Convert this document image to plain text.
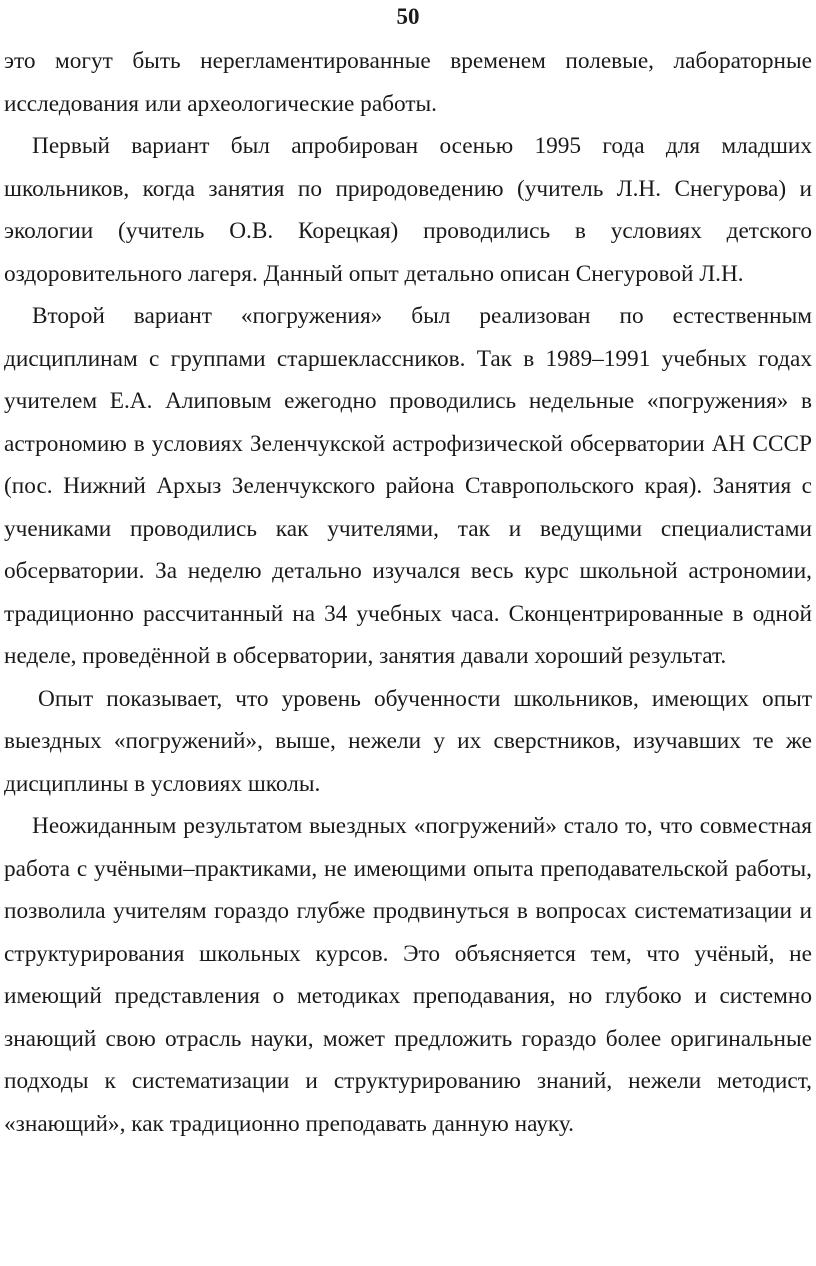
50

это могут быть нерегламентированные временем полевые, лабораторные исследования или археологические работы.

Первый вариант был апробирован осенью 1995 года для младших школьников, когда занятия по природоведению (учитель Л.Н. Снегурова) и экологии (учитель О.В. Корецкая) проводились в условиях детского оздоровительного лагеря. Данный опыт детально описан Снегуровой Л.Н.

Второй вариант «погружения» был реализован по естественным дисциплинам с группами старшеклассников. Так в 1989–1991 учебных годах учителем Е.А. Алиповым ежегодно проводились недельные «погружения» в астрономию в условиях Зеленчукской астрофизической обсерватории АН СССР (пос. Нижний Архыз Зеленчукского района Ставропольского края). Занятия с учениками проводились как учителями, так и ведущими специалистами обсерватории. За неделю детально изучался весь курс школьной астрономии, традиционно рассчитанный на 34 учебных часа. Сконцентрированные в одной неделе, проведённой в обсерватории, занятия давали хороший результат.

Опыт показывает, что уровень обученности школьников, имеющих опыт выездных «погружений», выше, нежели у их сверстников, изучавших те же дисциплины в условиях школы.

Неожиданным результатом выездных «погружений» стало то, что совместная работа с учёными–практиками, не имеющими опыта преподавательской работы, позволила учителям гораздо глубже продвинуться в вопросах систематизации и структурирования школьных курсов. Это объясняется тем, что учёный, не имеющий представления о методиках преподавания, но глубоко и системно знающий свою отрасль науки, может предложить гораздо более оригинальные подходы к систематизации и структурированию знаний, нежели методист, «знающий», как традиционно преподавать данную науку.
